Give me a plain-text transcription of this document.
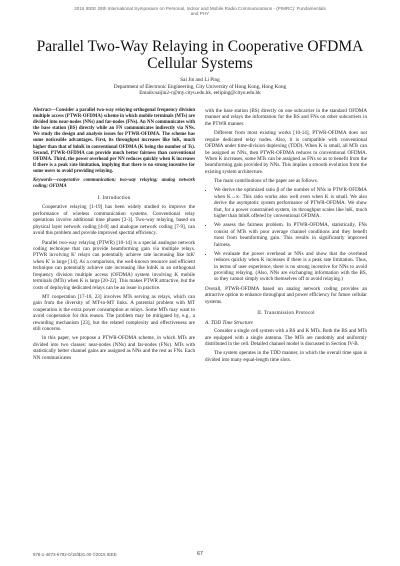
2015 IEEE 26th International Symposium on Personal, Indoor and Mobile Radio Communications - (PIMRC): Fundamentals
and PHY
Parallel Two-Way Relaying in Cooperative OFDMA Cellular Systems
Sai Jin and Li Ping
Department of Electronic Engineering, City University of Hong Kong, Hong Kong
Emails:saijin2-c@my.cityu.edu.hk, eeliping@cityu.edu.hk

Abstract—Consider a parallel two-way relaying orthogonal frequency division multiple access (PTWR-OFDMA) scheme in which mobile terminals (MTs) are divided into near-nodes (NNs) and far-nodes (FNs). An NN communicates with the base station (BS) directly while an FN communicates indirectly via NNs. We study the design and analysis issues for PTWR-OFDMA. The scheme has some noticeable advantages. First, its throughput increases like lnK, much higher than that of lnlnK in conventional OFDMA (K being the number of Ts). Second, PTWR-OFDMA can provide much better fairness than conventional OFDMA. Third, the power overhead per NN reduces quickly when K increases if there is a peak rate limitation, implying that there is no strong incentive for some users to avoid providing relaying.

Keywords—cooperative communication; two-way relaying; analog network coding; OFDMA

I. Introduction

Cooperative relaying [1-19] has been widely studied to improve the performance of wireless communication systems. Conventional relay operations involve additional time phases [2-3]. Two-way relaying, based on physical layer network coding [4-8] and analogue network coding [7-9], can avoid this problem and provide improved spectral efficiency.

Parallel two-way relaying (PTWR) [10-14] is a special analogue network coding technique that can provide beamforming gain via multiple relays. PTWR involving K' relays can potentially achieve rate increasing like lnK' when K' is large [14]. As a comparison, the well-known resource and efficient technique can potentially achieve rate increasing like lnlnK in an orthogonal frequency division multiple access (OFDMA) system involving K mobile terminals (MTs) when K is large [20-22]. This makes PTWR attractive, but the costs of deploying dedicated relays can be an issue in practice.

MT cooperation [17-18, 23] involves MTs serving as relays, which can gain from the diversity of MT-to-MT links. A potential problem with MT cooperation is the extra power consumption at relays. Some MTs may want to avoid cooperation for this reason. The problem may be mitigated by, e.g., a rewarding mechanism [23], but the related complexity and effectiveness are still concerns.

In this paper, we propose a PTWR-OFDMA scheme, in which MTs are divided into two classes: near-nodes (NNs) and far-nodes (FNs). MTs with statistically better channel gains are assigned as NNs and the rest as FNs. Each NN communicates

with the base station (BS) directly on one subcarrier in the standard OFDMA manner and relays the information for the BS and FNs on other subcarriers in the PTWR manner.

Different from most existing works [10-14], PTWR-OFDMA does not require dedicated relay nodes. Also, it is compatible with conventional OFDMA under time-division duplexing (TDD). When K is small, all MTs can be assigned as NNs, then PTWR-OFDMA reduces to conventional OFDMA. When K increases, some MTs can be assigned as FNs so as to benefit from the beamforming gain provided by NNs. This implies a smooth evolution from the existing system architecture.

The main contributions of the paper are as follows.

• We derive the optimized ratio β of the number of NNs in PTWR-OFDMA when K→∞. This ratio works also well even when K is small. We also derive the asymptotic system performance of PTWR-OFDMA. We show that, for a power constrained system, its throughput scales like lnK, much higher than lnlnK offered by conventional OFDMA.
• We assess the fairness problem. In PTWR-OFDMA, statistically, FNs consist of MTs with poor average channel conditions and they benefit most from beamforming gain. This results in significantly improved fairness.
• We evaluate the power overhead at NNs and show that the overhead reduces quickly when K increases if there is a peak rate limitation. Thus, in terms of user experience, there is no strong incentive for NNs to avoid providing relaying. (Also, NNs are exchanging information with the BS, so they cannot simply switch themselves off to avoid relaying.)

Overall, PTWR-OFDMA based on analog network coding provides an attractive option to enhance throughput and power efficiency for future cellular systems.

II. Transmission Protocol
A. TDD Time Structure

Consider a single cell system with a BS and K MTs. Both the BS and MTs are equipped with a single antenna. The MTs are randomly and uniformly distributed in the cell. Detailed channel model is discussed in Section IV-B.

The system operates in the TDD manner, in which the overall time span is divided into many equal-length time slots.

978-1-4673-6782-0/15/$31.00 ©2015 IEEE	67
